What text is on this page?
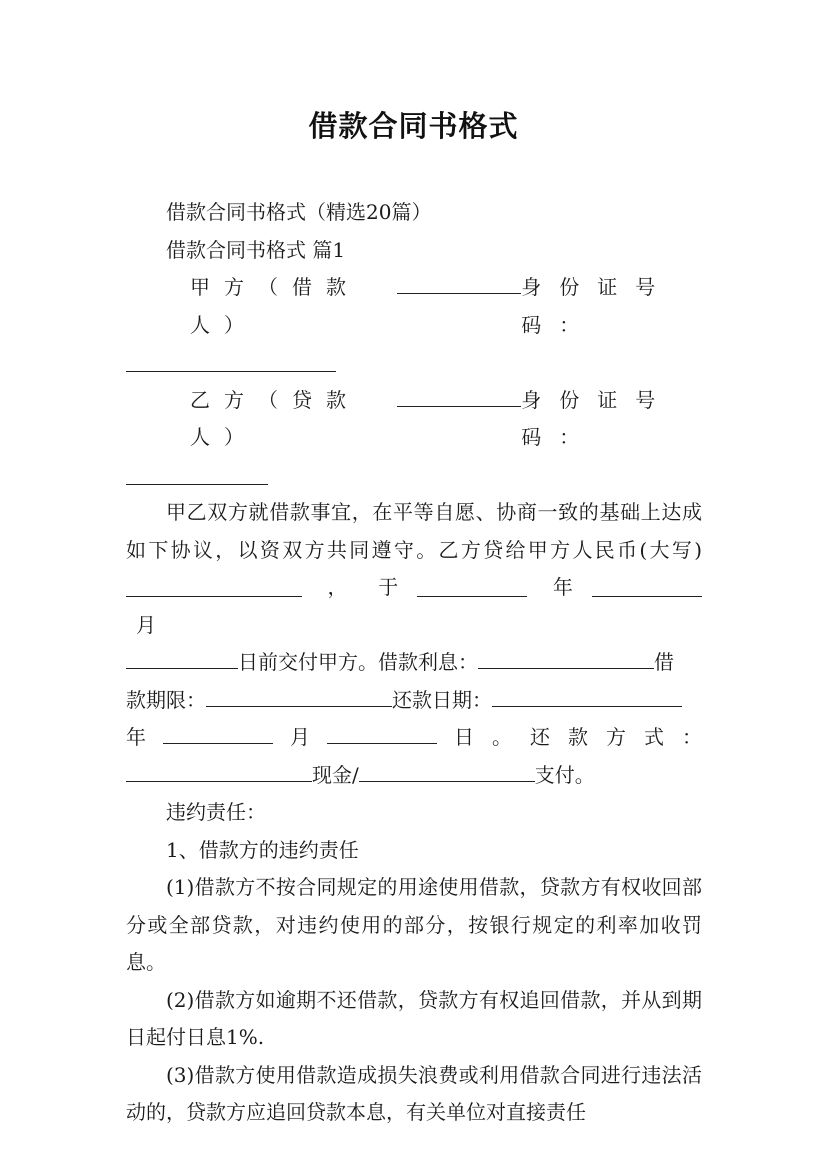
借款合同书格式

借款合同书格式（精选20篇）

借款合同书格式 篇1

甲方（借款人）
身份证号码：

乙方（贷款人）
身份证号码：

甲乙双方就借款事宜，在平等自愿、协商一致的基础上达成如下协议，以资双方共同遵守。乙方贷给甲方人民币(大写) ， 于	年 月

日前交付甲方。借款利息：	借

款期限：	还款日期：

年	月	日。还款方式：

现金/	支付。

违约责任：

1、借款方的违约责任

(1)借款方不按合同规定的用途使用借款，贷款方有权收回部分或全部贷款，对违约使用的部分，按银行规定的利率加收罚息。

(2)借款方如逾期不还借款，贷款方有权追回借款，并从到期日起付日息1%.

(3)借款方使用借款造成损失浪费或利用借款合同进行违法活动的，贷款方应追回贷款本息，有关单位对直接责任
